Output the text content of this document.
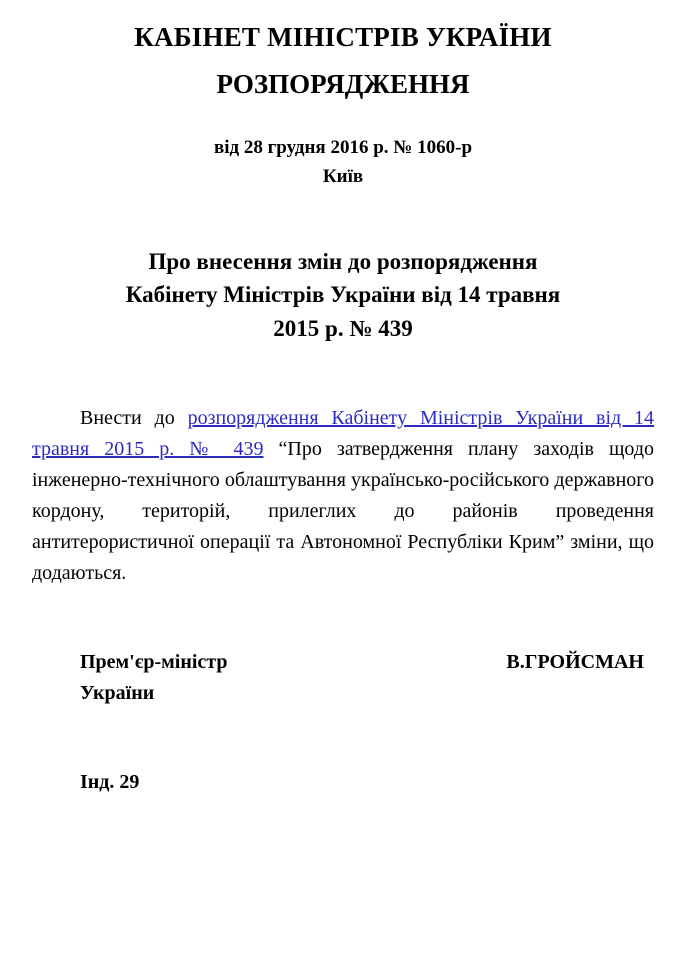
КАБІНЕТ МІНІСТРІВ УКРАЇНИ
РОЗПОРЯДЖЕННЯ
від 28 грудня 2016 р. № 1060-р
Київ
Про внесення змін до розпорядження Кабінету Міністрів України від 14 травня 2015 р. № 439
Внести до розпорядження Кабінету Міністрів України від 14 травня 2015 р. № 439 “Про затвердження плану заходів щодо інженерно-технічного облаштування українсько-російського державного кордону, територій, прилеглих до районів проведення антитерористичної операції та Автономної Республіки Крим” зміни, що додаються.
Прем'єр-міністр України
В.ГРОЙСМАН
Інд. 29
